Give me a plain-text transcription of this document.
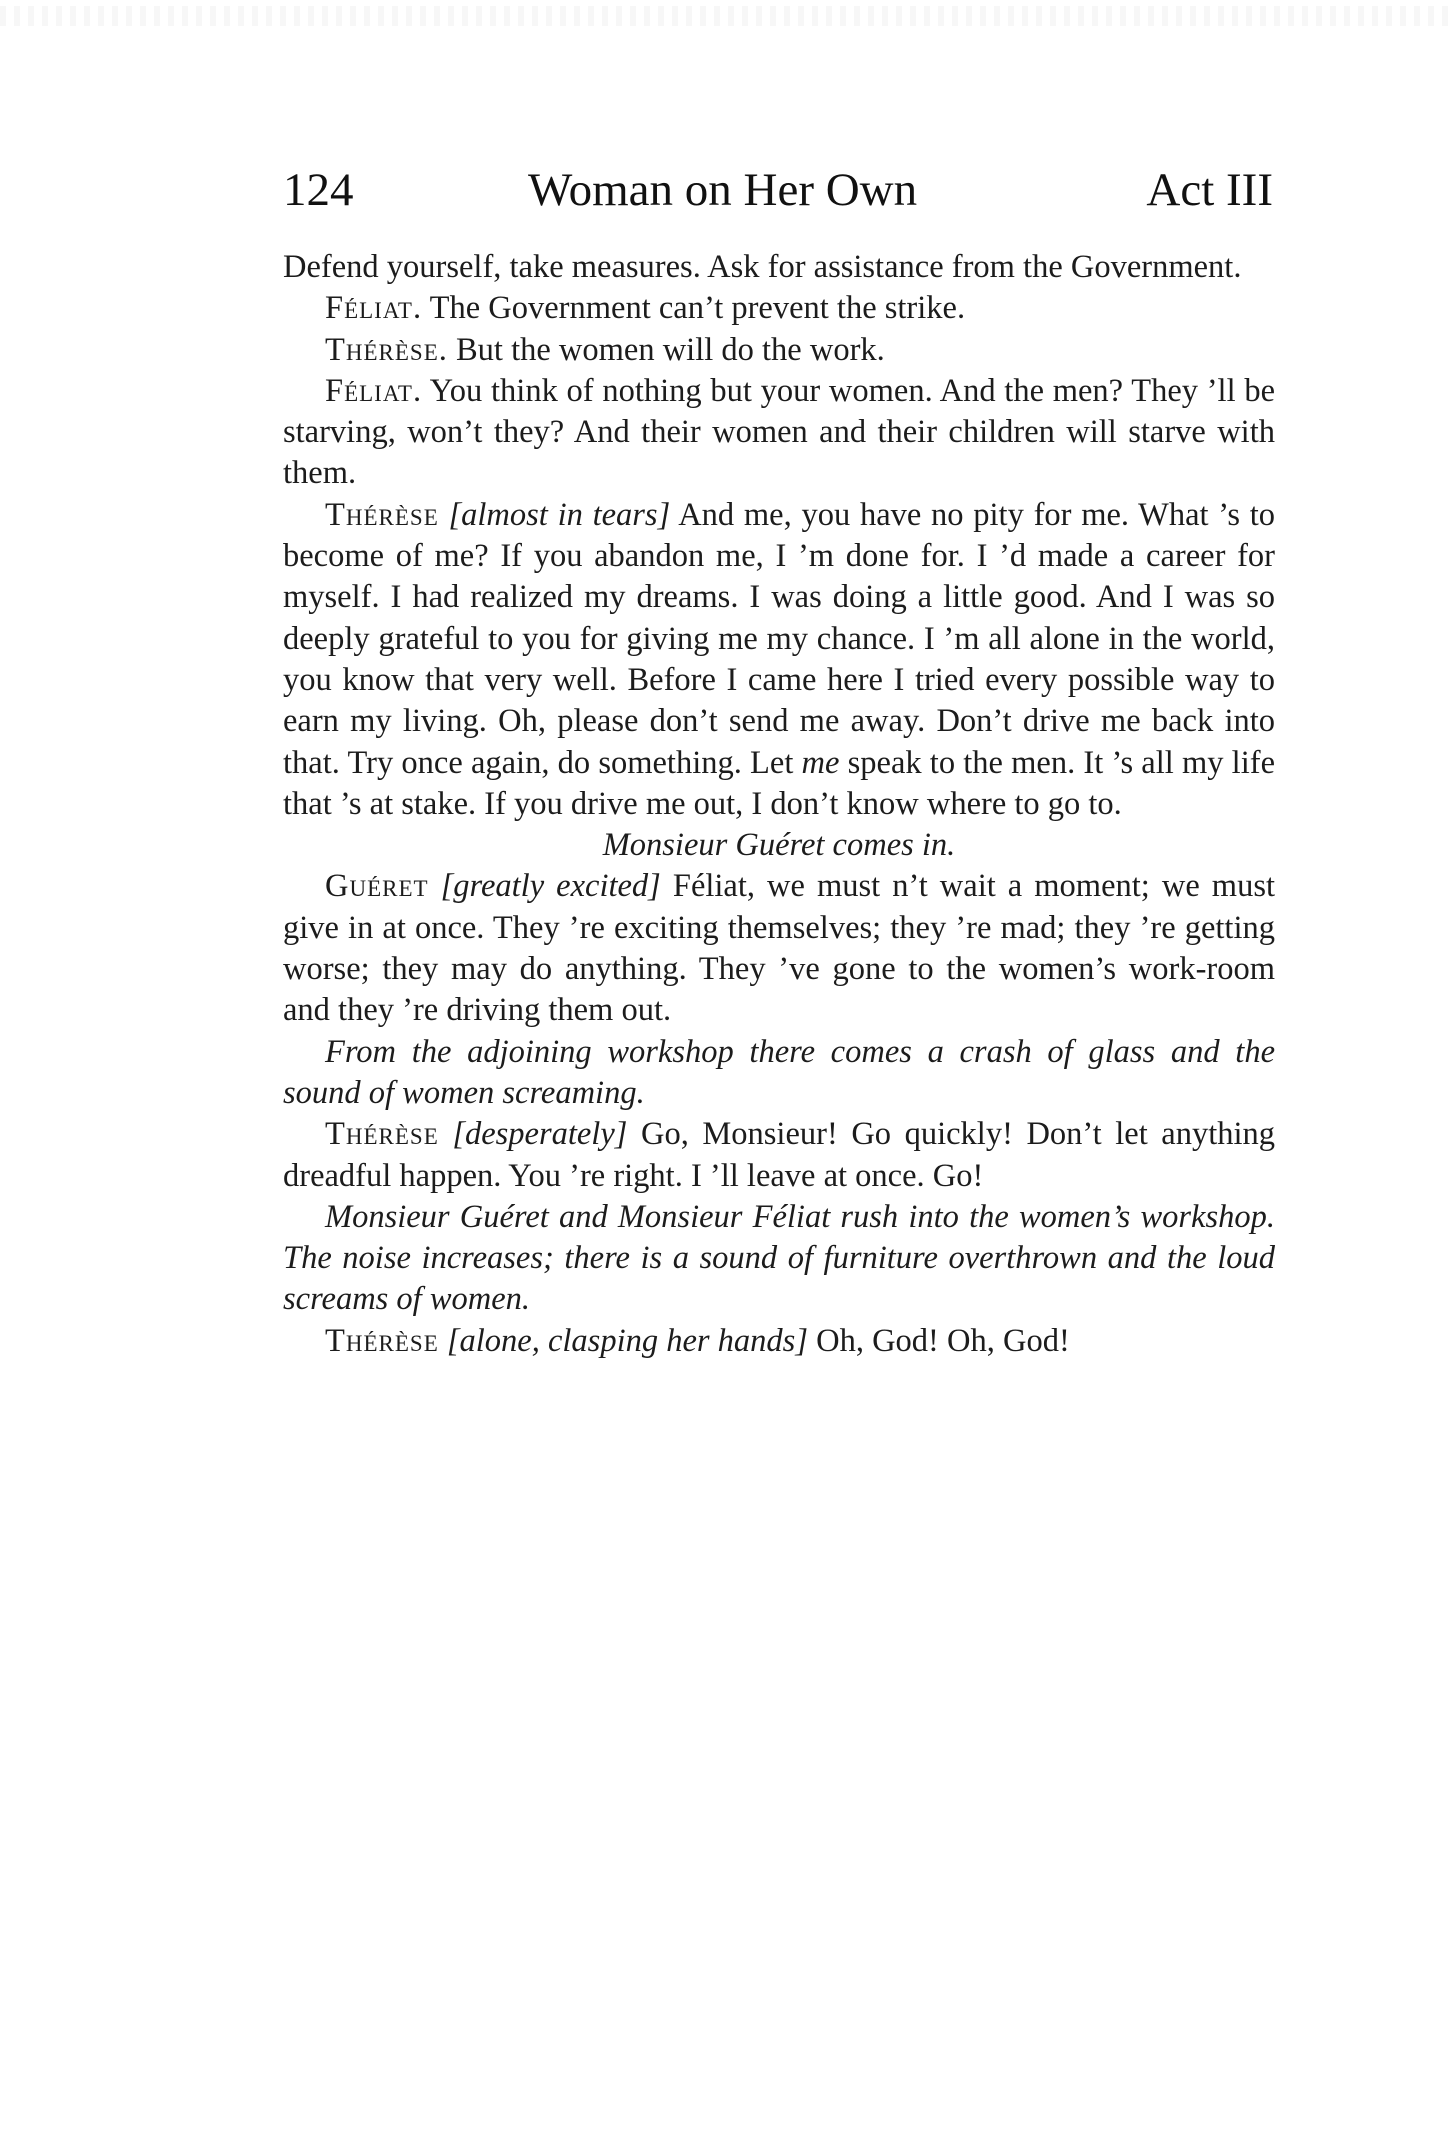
124	Woman on Her Own	Act III

Defend yourself, take measures. Ask for assistance from the Government.

Féliat. The Government can’t prevent the strike.

Thérèse. But the women will do the work.

Féliat. You think of nothing but your women. And the men? They ’ll be starving, won’t they? And their women and their children will starve with them.

Thérèse [almost in tears] And me, you have no pity for me. What ’s to become of me? If you abandon me, I ’m done for. I ’d made a career for myself. I had realized my dreams. I was doing a little good. And I was so deeply grateful to you for giving me my chance. I ’m all alone in the world, you know that very well. Before I came here I tried every possible way to earn my living. Oh, please don’t send me away. Don’t drive me back into that. Try once again, do something. Let me speak to the men. It ’s all my life that ’s at stake. If you drive me out, I don’t know where to go to.

Monsieur Guéret comes in.

Guéret [greatly excited] Féliat, we must n’t wait a moment; we must give in at once. They ’re exciting themselves; they ’re mad; they ’re getting worse; they may do anything. They ’ve gone to the women’s work-room and they ’re driving them out.

From the adjoining workshop there comes a crash of glass and the sound of women screaming.

Thérèse [desperately] Go, Monsieur! Go quickly! Don’t let anything dreadful happen. You ’re right. I ’ll leave at once. Go!

Monsieur Guéret and Monsieur Féliat rush into the women’s workshop. The noise increases; there is a sound of furniture overthrown and the loud screams of women.

Thérèse [alone, clasping her hands] Oh, God! Oh, God!
